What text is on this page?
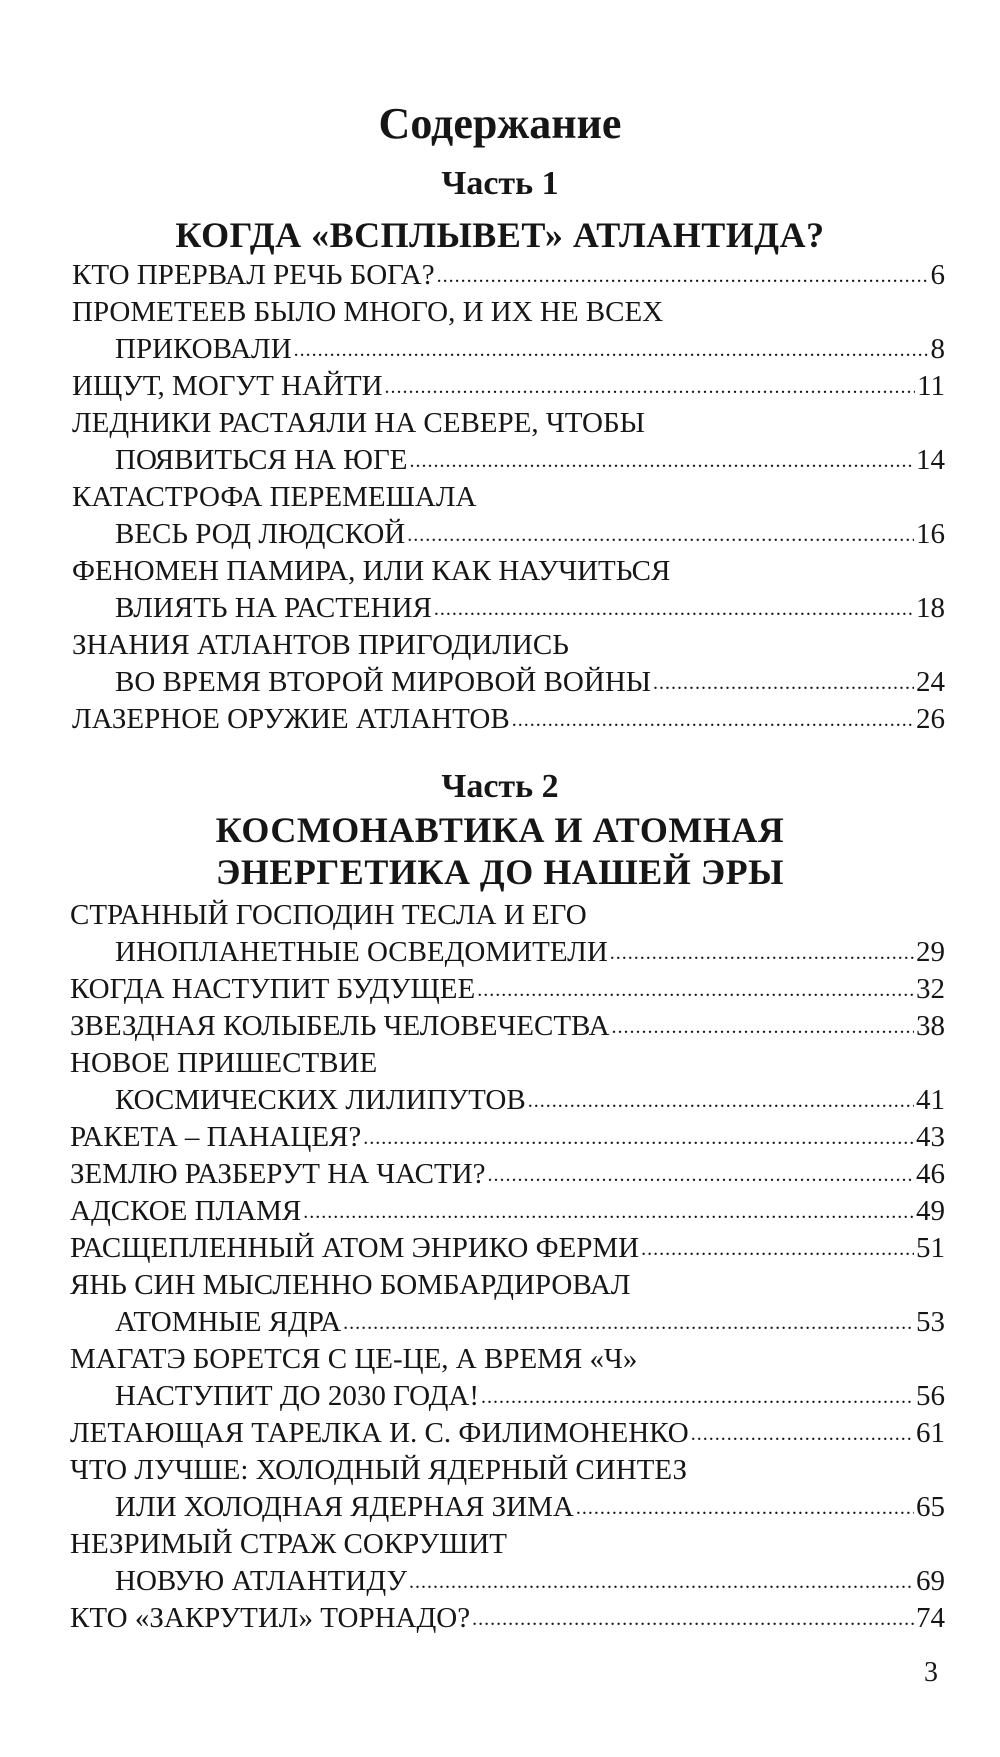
Содержание
Часть 1
КОГДА «ВСПЛЫВЕТ» АТЛАНТИДА?
КТО ПРЕРВАЛ РЕЧЬ БОГА? .....	6
ПРОМЕТЕЕВ БЫЛО МНОГО, И ИХ НЕ ВСЕХ
ПРИКОВАЛИ .....	8
ИЩУТ, МОГУТ НАЙТИ .....	11
ЛЕДНИКИ РАСТАЯЛИ НА СЕВЕРЕ, ЧТОБЫ
ПОЯВИТЬСЯ НА ЮГЕ .....	14
КАТАСТРОФА ПЕРЕМЕШАЛА
ВЕСЬ РОД ЛЮДСКОЙ .....	16
ФЕНОМЕН ПАМИРА, ИЛИ КАК НАУЧИТЬСЯ
ВЛИЯТЬ НА РАСТЕНИЯ .....	18
ЗНАНИЯ АТЛАНТОВ ПРИГОДИЛИСЬ
ВО ВРЕМЯ ВТОРОЙ МИРОВОЙ ВОЙНЫ .....	24
ЛАЗЕРНОЕ ОРУЖИЕ АТЛАНТОВ .....	26
Часть 2
КОСМОНАВТИКА И АТОМНАЯ
ЭНЕРГЕТИКА ДО НАШЕЙ ЭРЫ
СТРАННЫЙ ГОСПОДИН ТЕСЛА И ЕГО
ИНОПЛАНЕТНЫЕ ОСВЕДОМИТЕЛИ .....	29
КОГДА НАСТУПИТ БУДУЩЕЕ .....	32
ЗВЕЗДНАЯ КОЛЫБЕЛЬ ЧЕЛОВЕЧЕСТВА .....	38
НОВОЕ ПРИШЕСТВИЕ
КОСМИЧЕСКИХ ЛИЛИПУТОВ .....	41
РАКЕТА – ПАНАЦЕЯ? .....	43
ЗЕМЛЮ РАЗБЕРУТ НА ЧАСТИ? .....	46
АДСКОЕ ПЛАМЯ .....	49
РАСЩЕПЛЕННЫЙ АТОМ ЭНРИКО ФЕРМИ .....	51
ЯНЬ СИН МЫСЛЕННО БОМБАРДИРОВАЛ
АТОМНЫЕ ЯДРА .....	53
МАГАТЭ БОРЕТСЯ С ЦЕ-ЦЕ, А ВРЕМЯ «Ч»
НАСТУПИТ ДО 2030 ГОДА! .....	56
ЛЕТАЮЩАЯ ТАРЕЛКА И. С. ФИЛИМОНЕНКО .....	61
ЧТО ЛУЧШЕ: ХОЛОДНЫЙ ЯДЕРНЫЙ СИНТЕЗ
ИЛИ ХОЛОДНАЯ ЯДЕРНАЯ ЗИМА .....	65
НЕЗРИМЫЙ СТРАЖ СОКРУШИТ
НОВУЮ АТЛАНТИДУ .....	69
КТО «ЗАКРУТИЛ» ТОРНАДО? .....	74
3
